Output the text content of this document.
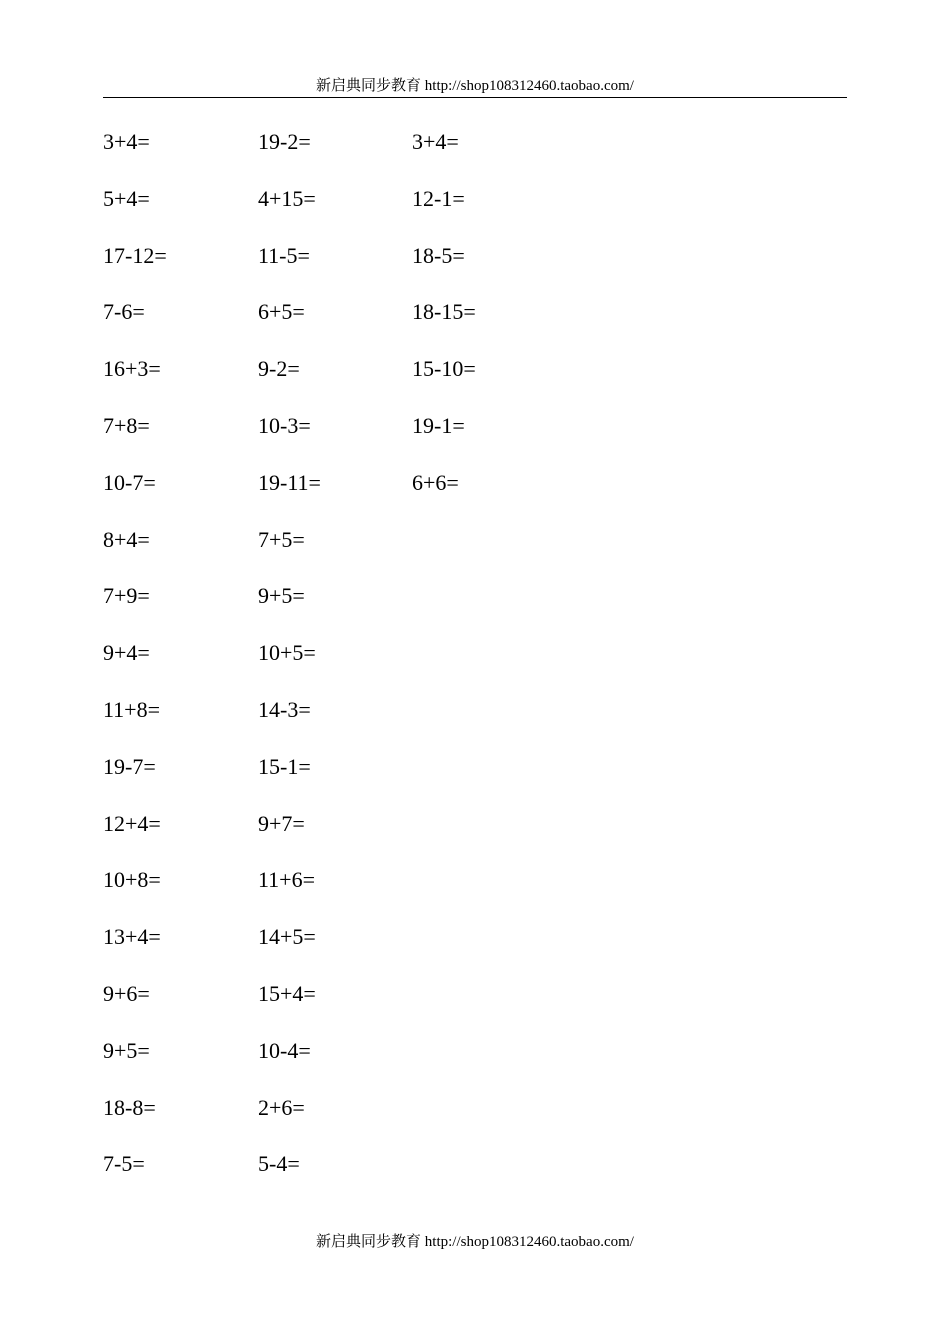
新启典同步教育 http://shop108312460.taobao.com/
3+4=
5+4=
17-12=
7-6=
16+3=
7+8=
10-7=
8+4=
7+9=
9+4=
11+8=
19-7=
12+4=
10+8=
13+4=
9+6=
9+5=
18-8=
7-5=
19-2=
4+15=
11-5=
6+5=
9-2=
10-3=
19-11=
7+5=
9+5=
10+5=
14-3=
15-1=
9+7=
11+6=
14+5=
15+4=
10-4=
2+6=
5-4=
3+4=
12-1=
18-5=
18-15=
15-10=
19-1=
6+6=
新启典同步教育 http://shop108312460.taobao.com/
